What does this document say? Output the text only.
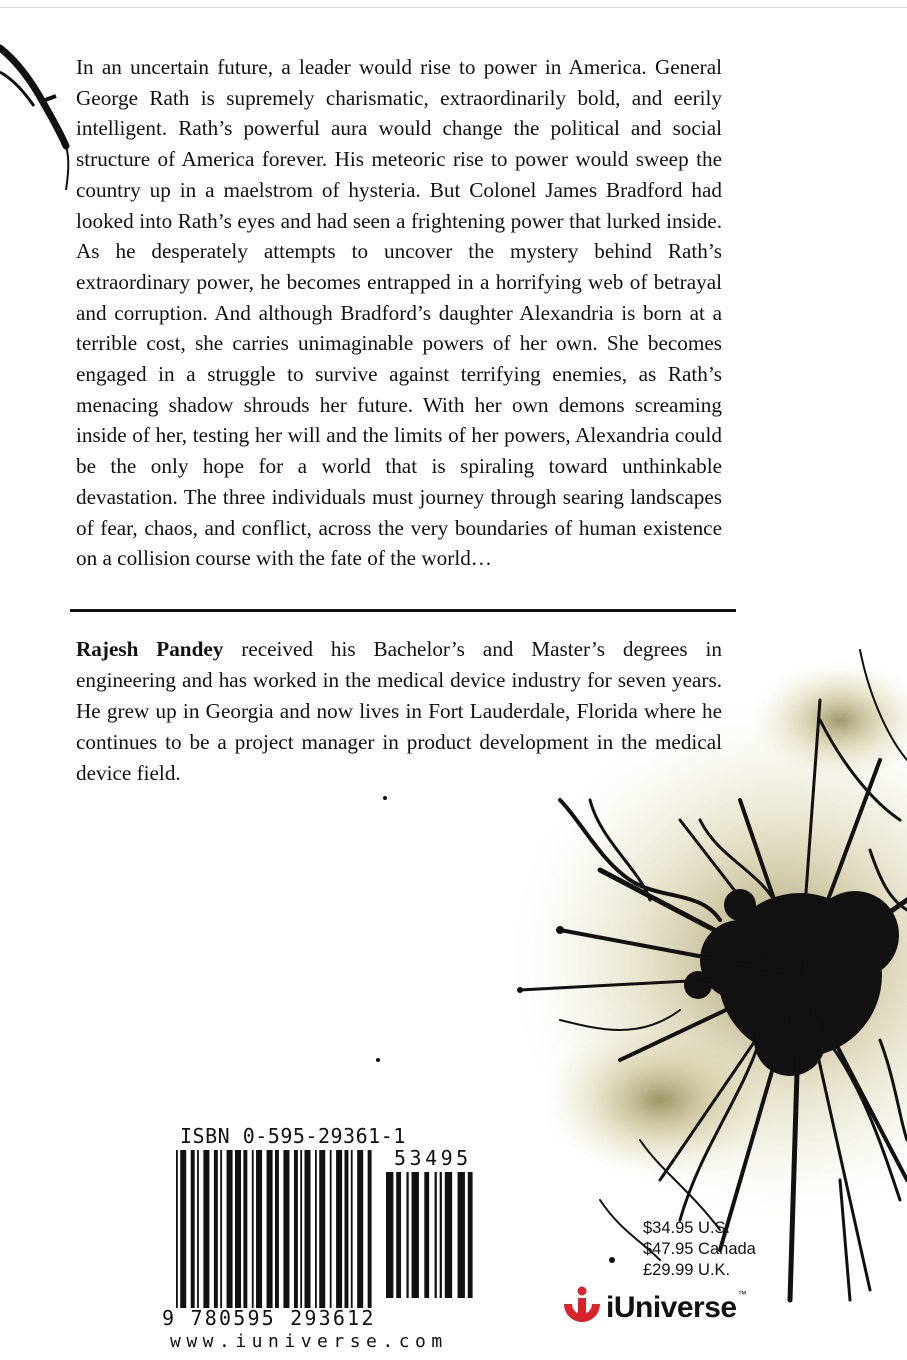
In an uncertain future, a leader would rise to power in America. General George Rath is supremely charismatic, extraordinarily bold, and eerily intelligent. Rath’s powerful aura would change the political and social structure of America forever. His meteoric rise to power would sweep the country up in a maelstrom of hysteria. But Colonel James Bradford had looked into Rath’s eyes and had seen a frightening power that lurked inside. As he desperately attempts to uncover the mystery behind Rath’s extraordinary power, he becomes entrapped in a horrifying web of betrayal and corruption. And although Bradford’s daughter Alexandria is born at a terrible cost, she carries unimaginable powers of her own. She becomes engaged in a struggle to survive against terrifying enemies, as Rath’s menacing shadow shrouds her future. With her own demons screaming inside of her, testing her will and the limits of her powers, Alexandria could be the only hope for a world that is spiraling toward unthinkable devastation. The three individuals must journey through searing landscapes of fear, chaos, and conflict, across the very boundaries of human existence on a collision course with the fate of the world…

Rajesh Pandey received his Bachelor’s and Master’s degrees in engineering and has worked in the medical device industry for seven years. He grew up in Georgia and now lives in Fort Lauderdale, Florida where he continues to be a project manager in product development in the medical device field.

ISBN 0-595-29361-1
9 780595 293612
53495
$34.95 U.S.
$47.95 Canada
£29.99 U.K.
iUniverse ™
www.iuniverse.com
